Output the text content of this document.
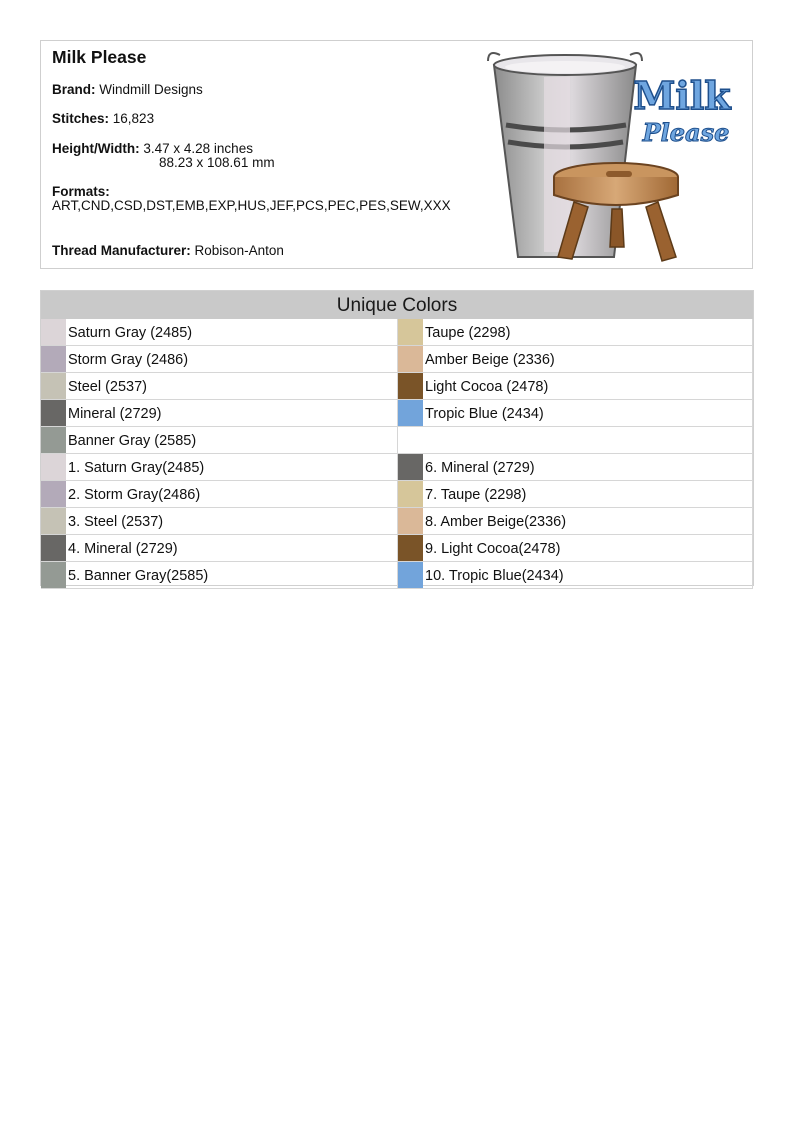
Milk Please
Brand: Windmill Designs
Stitches: 16,823
Height/Width: 3.47 x 4.28 inches
88.23 x 108.61 mm
Formats:
ART,CND,CSD,DST,EMB,EXP,HUS,JEF,PCS,PEC,PES,SEW,XXX
Thread Manufacturer: Robison-Anton
Milk
Please
Unique Colors
Saturn Gray (2485)
Storm Gray (2486)
Steel (2537)
Mineral (2729)
Banner Gray (2585)
Taupe (2298)
Amber Beige (2336)
Light Cocoa (2478)
Tropic Blue (2434)
1. Saturn Gray(2485)
2. Storm Gray(2486)
3. Steel (2537)
4. Mineral (2729)
5. Banner Gray(2585)
6. Mineral (2729)
7. Taupe (2298)
8. Amber Beige(2336)
9. Light Cocoa(2478)
10. Tropic Blue(2434)
